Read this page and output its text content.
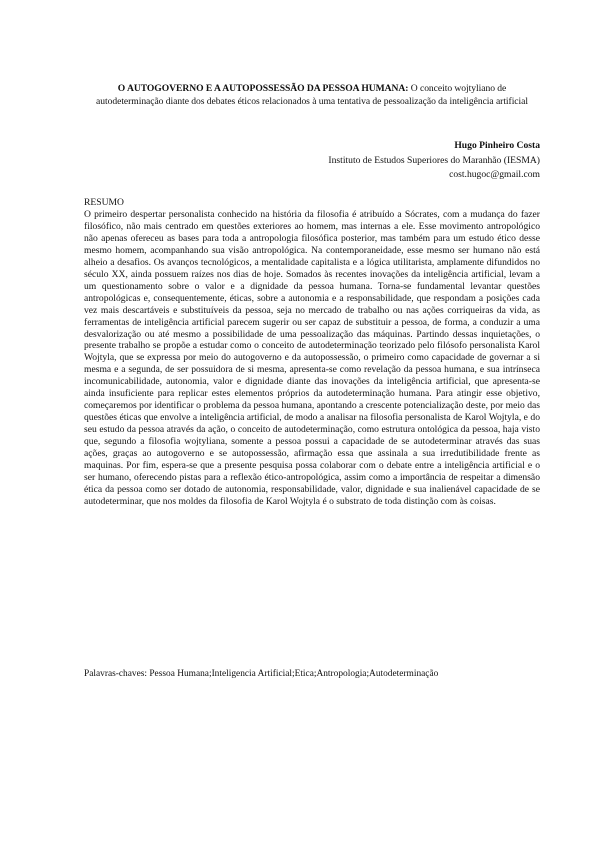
O AUTOGOVERNO E A AUTOPOSSESSÃO DA PESSOA HUMANA: O conceito wojtyliano de autodeterminação diante dos debates éticos relacionados à uma tentativa de pessoalização da inteligência artificial
Hugo Pinheiro Costa
Instituto de Estudos Superiores do Maranhão (IESMA)
cost.hugoc@gmail.com
RESUMO
O primeiro despertar personalista conhecido na história da filosofia é atribuído a Sócrates, com a mudança do fazer filosófico, não mais centrado em questões exteriores ao homem, mas internas a ele. Esse movimento antropológico não apenas ofereceu as bases para toda a antropologia filosófica posterior, mas também para um estudo ético desse mesmo homem, acompanhando sua visão antropológica. Na contemporaneidade, esse mesmo ser humano não está alheio a desafios. Os avanços tecnológicos, a mentalidade capitalista e a lógica utilitarista, amplamente difundidos no século XX, ainda possuem raízes nos dias de hoje. Somados às recentes inovações da inteligência artificial, levam a um questionamento sobre o valor e a dignidade da pessoa humana. Torna-se fundamental levantar questões antropológicas e, consequentemente, éticas, sobre a autonomia e a responsabilidade, que respondam a posições cada vez mais descartáveis e substituíveis da pessoa, seja no mercado de trabalho ou nas ações corriqueiras da vida, as ferramentas de inteligência artificial parecem sugerir ou ser capaz de substituir a pessoa, de forma, a conduzir a uma desvalorização ou até mesmo a possibilidade de uma pessoalização das máquinas. Partindo dessas inquietações, o presente trabalho se propõe a estudar como o conceito de autodeterminação teorizado pelo filósofo personalista Karol Wojtyla, que se expressa por meio do autogoverno e da autopossessão, o primeiro como capacidade de governar a si mesma e a segunda, de ser possuidora de si mesma, apresenta-se como revelação da pessoa humana, e sua intrínseca incomunicabilidade, autonomia, valor e dignidade diante das inovações da inteligência artificial, que apresenta-se ainda insuficiente para replicar estes elementos próprios da autodeterminação humana. Para atingir esse objetivo, começaremos por identificar o problema da pessoa humana, apontando a crescente potencialização deste, por meio das questões éticas que envolve a inteligência artificial, de modo a analisar na filosofia personalista de Karol Wojtyla, e do seu estudo da pessoa através da ação, o conceito de autodeterminação, como estrutura ontológica da pessoa, haja visto que, segundo a filosofia wojtyliana, somente a pessoa possui a capacidade de se autodeterminar através das suas ações, graças ao autogoverno e se autopossessão, afirmação essa que assinala a sua irredutibilidade frente as maquinas. Por fim, espera-se que a presente pesquisa possa colaborar com o debate entre a inteligência artificial e o ser humano, oferecendo pistas para a reflexão ético-antropológica, assim como a importância de respeitar a dimensão ética da pessoa como ser dotado de autonomia, responsabilidade, valor, dignidade e sua inalienável capacidade de se autodeterminar, que nos moldes da filosofia de Karol Wojtyla é o substrato de toda distinção com às coisas.
Palavras-chaves: Pessoa Humana;Inteligencia Artificial;Etica;Antropologia;Autodeterminação
